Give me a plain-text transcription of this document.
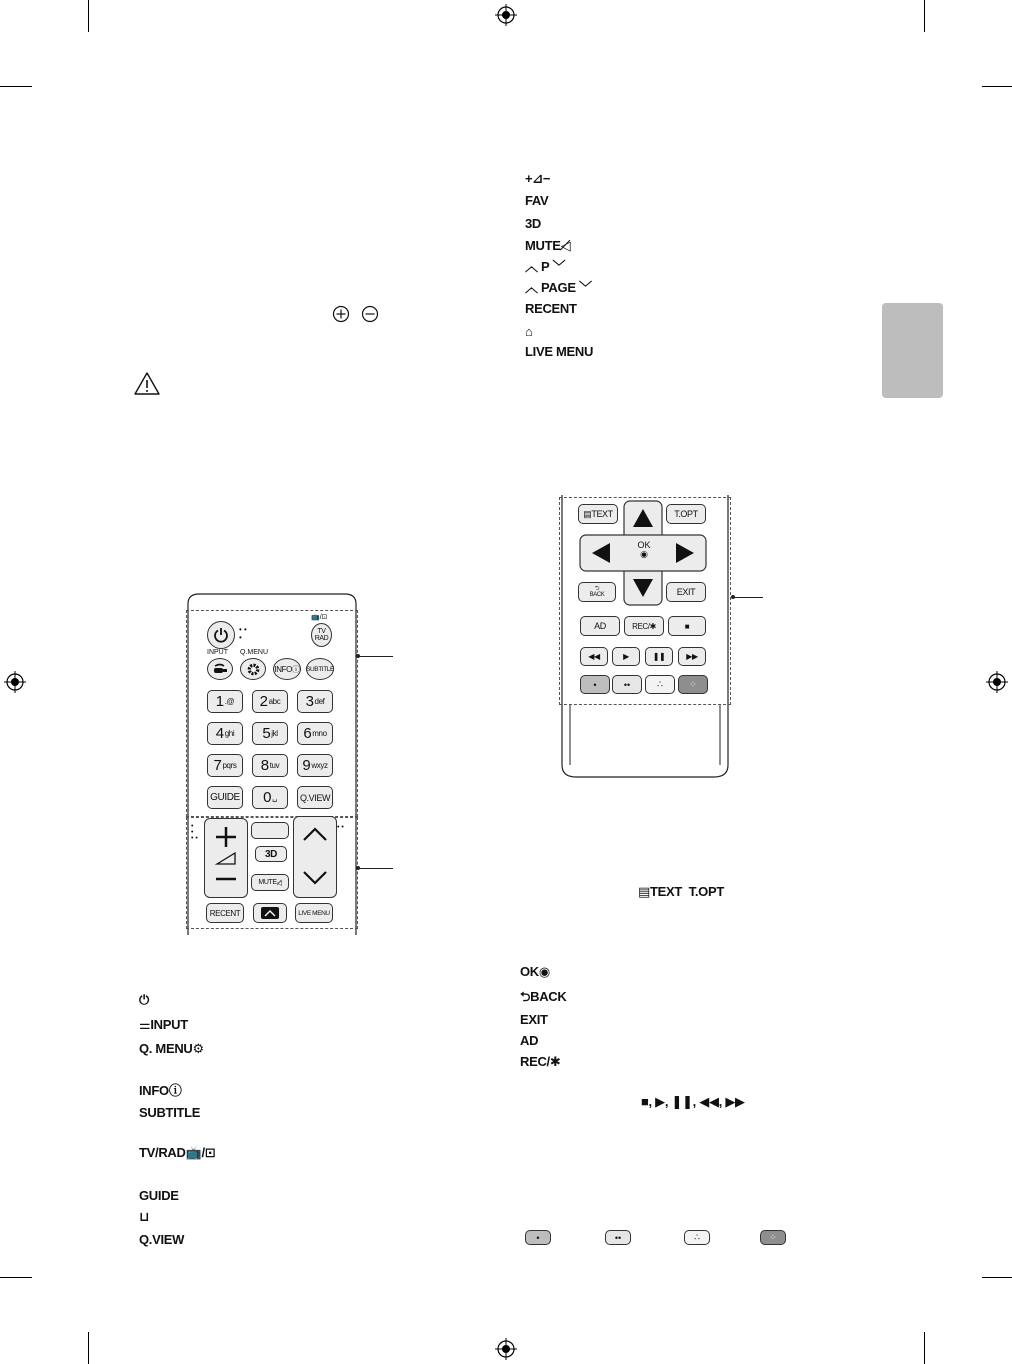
• •
•
📺/⊡
TV
RAD
INPUT Q.MENU
INFO ⓘ SUBTITLE
GUIDE 0 ␣	Q.VIEW
•
•
• •
• •
3D
MUTE ◁̸
RECENT	LIVE MENU
▤ TEXT	T.OPT
OK
◉
⮌
BACK	EXIT
AD	REC/✱	■
◀◀	▶	❚❚	▶▶
•	••	∴	⁘
▤TEXT T.OPT
■, ▶, ❚❚, ◀◀, ▶▶
•	••	∴	⁘
1 .@ 2 abc 3 def
4 ghi 5 jkl 6 mno
7 pqrs 8 tuv 9 wxyz
⏻
⚌INPUT
Q. MENU⚙
INFOⓘ
SUBTITLE
TV/RAD📺/⊡
GUIDE
⊔
Q.VIEW
+⊿−
FAV
3D
MUTE◁̸
︿ P ﹀
︿ PAGE ﹀
RECENT
⌂
LIVE MENU
OK◉
⮌BACK
EXIT
AD
REC/✱
